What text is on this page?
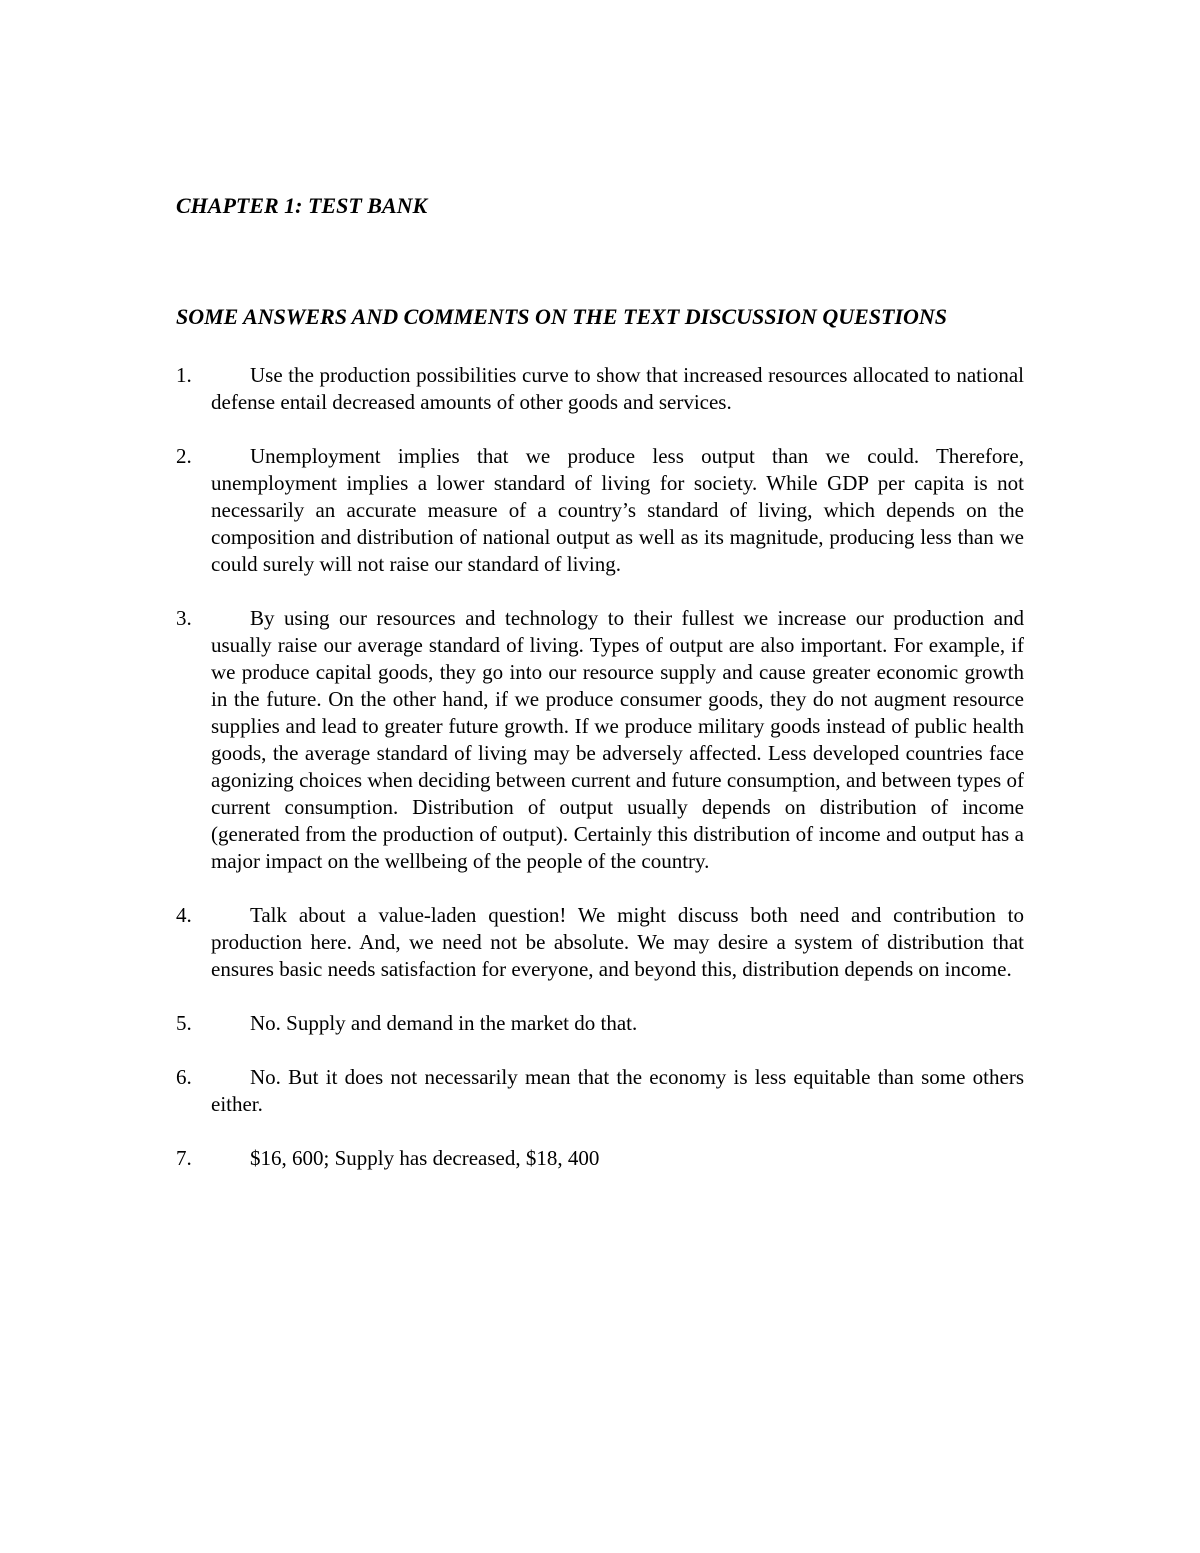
CHAPTER 1: TEST BANK
SOME ANSWERS AND COMMENTS ON THE TEXT DISCUSSION QUESTIONS
1.	Use the production possibilities curve to show that increased resources allocated to national defense entail decreased amounts of other goods and services.
2.	Unemployment implies that we produce less output than we could. Therefore, unemployment implies a lower standard of living for society. While GDP per capita is not necessarily an accurate measure of a country’s standard of living, which depends on the composition and distribution of national output as well as its magnitude, producing less than we could surely will not raise our standard of living.
3.	By using our resources and technology to their fullest we increase our production and usually raise our average standard of living. Types of output are also important. For example, if we produce capital goods, they go into our resource supply and cause greater economic growth in the future. On the other hand, if we produce consumer goods, they do not augment resource supplies and lead to greater future growth. If we produce military goods instead of public health goods, the average standard of living may be adversely affected. Less developed countries face agonizing choices when deciding between current and future consumption, and between types of current consumption. Distribution of output usually depends on distribution of income (generated from the production of output). Certainly this distribution of income and output has a major impact on the wellbeing of the people of the country.
4.	Talk about a value-laden question! We might discuss both need and contribution to production here. And, we need not be absolute. We may desire a system of distribution that ensures basic needs satisfaction for everyone, and beyond this, distribution depends on income.
5.	No. Supply and demand in the market do that.
6.	No. But it does not necessarily mean that the economy is less equitable than some others either.
7.	$16, 600; Supply has decreased, $18, 400
